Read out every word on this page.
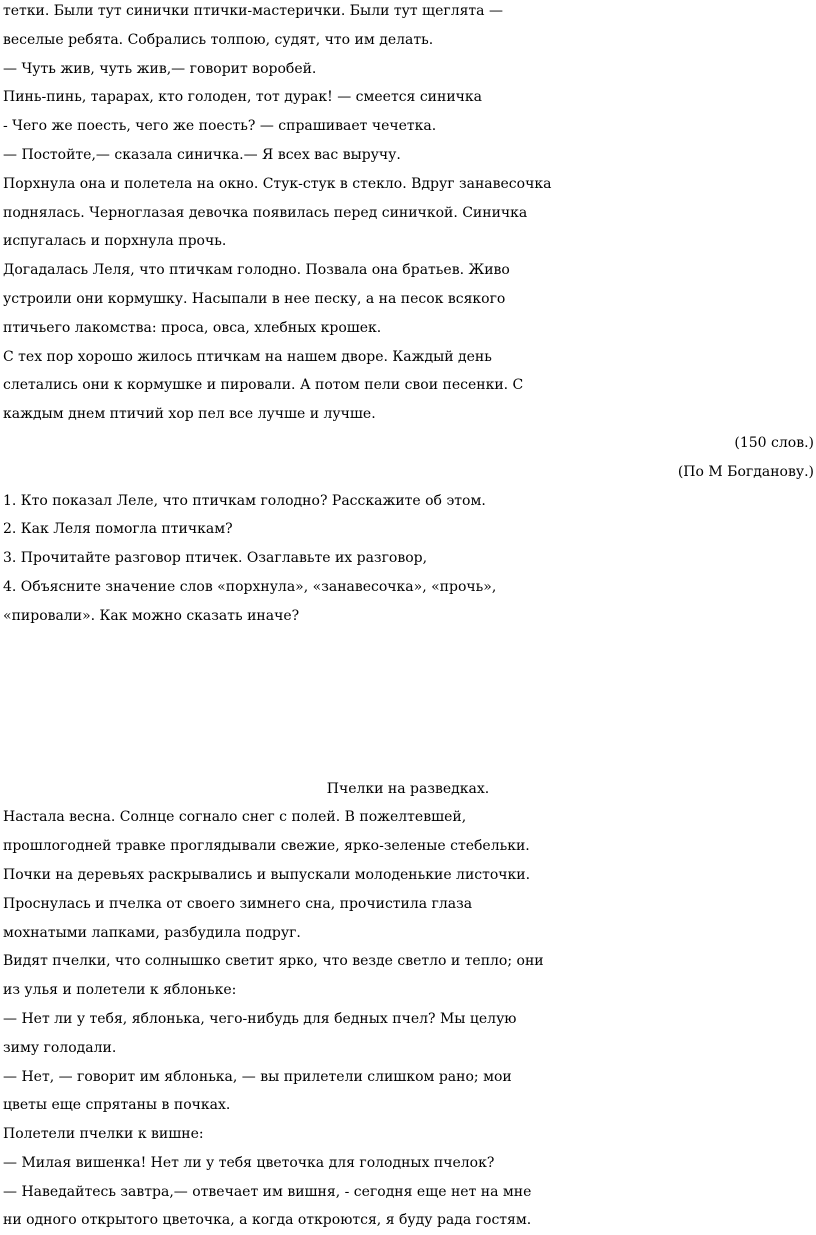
тетки. Были тут синички птички-мастерички. Были тут щеглята —
веселые ребята. Собрались толпою, судят, что им делать.
— Чуть жив, чуть жив,— говорит воробей.
Пинь-пинь, тарарах, кто голоден, тот дурак! — смеется синичка
- Чего же поесть, чего же поесть? — спрашивает чечетка.
— Постойте,— сказала синичка.— Я всех вас выручу.
Порхнула она и полетела на окно. Стук-стук в стекло. Вдруг занавесочка
поднялась. Черноглазая девочка появилась перед синичкой. Синичка
испугалась и порхнула прочь.
Догадалась Леля, что птичкам голодно. Позвала она братьев. Живо
устроили они кормушку. Насыпали в нее песку, а на песок всякого
птичьего лакомства: проса, овса, хлебных крошек.
С тех пор хорошо жилось птичкам на нашем дворе. Каждый день
слетались они к кормушке и пировали. А потом пели свои песенки. С
каждым днем птичий хор пел все лучше и лучше.
(150 слов.)
(По М Богданову.)
1. Кто показал Леле, что птичкам голодно? Расскажите об этом.
2. Как Леля помогла птичкам?
3. Прочитайте разговор птичек. Озаглавьте их разговор,
4. Объясните значение слов «порхнула», «занавесочка», «прочь»,
«пировали». Как можно сказать иначе?
Пчелки на разведках.
Настала весна. Солнце согнало снег с полей. В пожелтевшей,
прошлогодней травке проглядывали свежие, ярко-зеленые стебельки.
Почки на деревьях раскрывались и выпускали молоденькие листочки.
Проснулась и пчелка от своего зимнего сна, прочистила глаза
мохнатыми лапками, разбудила подруг.
Видят пчелки, что солнышко светит ярко, что везде светло и тепло; они
из улья и полетели к яблоньке:
— Нет ли у тебя, яблонька, чего-нибудь для бедных пчел? Мы целую
зиму голодали.
— Нет, — говорит им яблонька, — вы прилетели слишком рано; мои
цветы еще спрятаны в почках.
Полетели пчелки к вишне:
— Милая вишенка! Нет ли у тебя цветочка для голодных пчелок?
— Наведайтесь завтра,— отвечает им вишня, - сегодня еще нет на мне
ни одного открытого цветочка, а когда откроются, я буду рада гостям.
